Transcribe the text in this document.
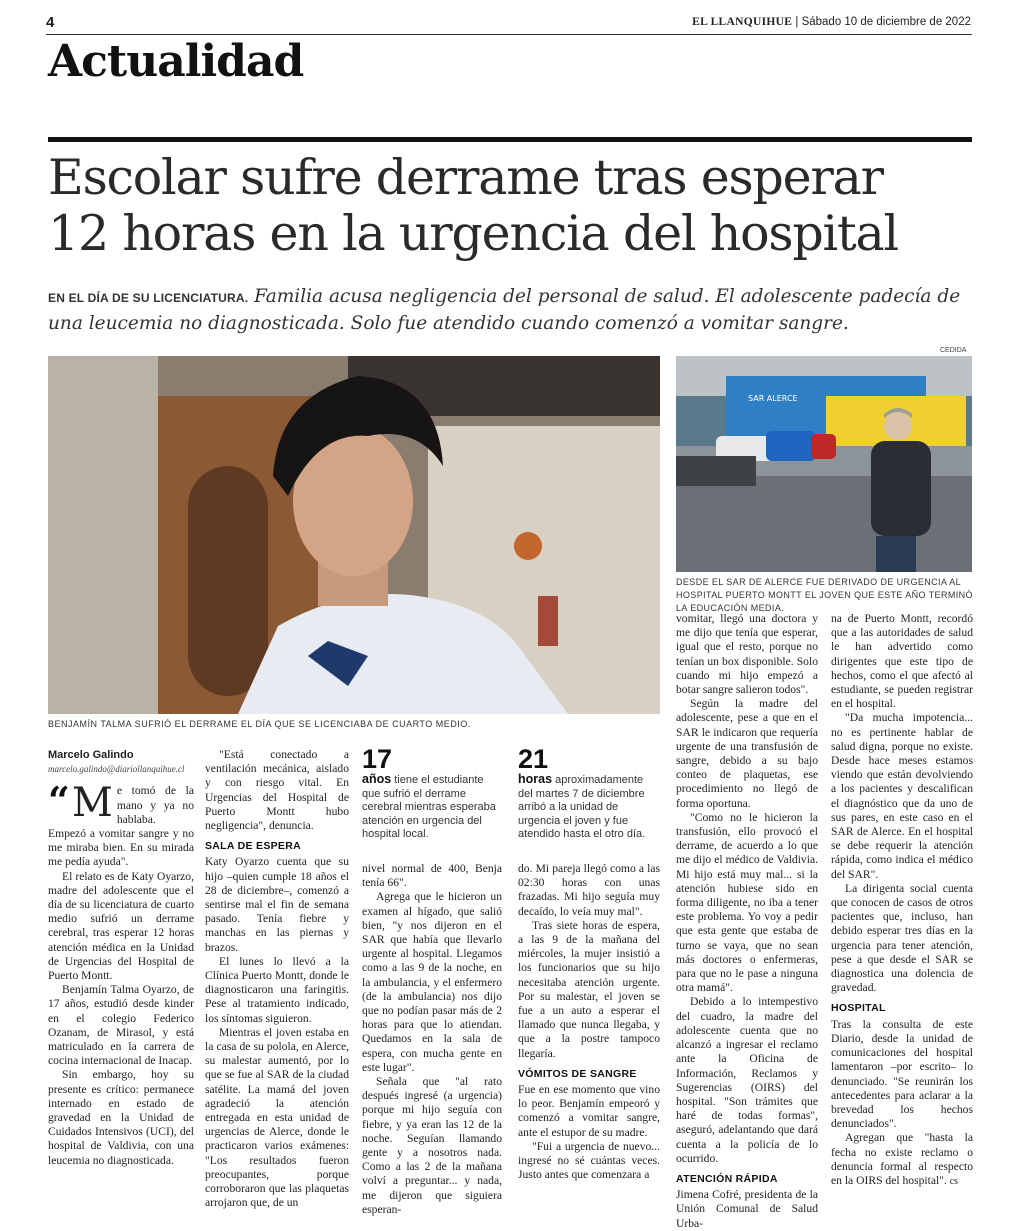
4	EL LLANQUIHUE | Sábado 10 de diciembre de 2022
Actualidad
Escolar sufre derrame tras esperar
12 horas en la urgencia del hospital
EN EL DÍA DE SU LICENCIATURA. Familia acusa negligencia del personal de salud. El adolescente padecía de una leucemia no diagnosticada. Solo fue atendido cuando comenzó a vomitar sangre.
BENJAMÍN TALMA SUFRIÓ EL DERRAME EL DÍA QUE SE LICENCIABA DE CUARTO MEDIO.
CEDIDA
SAR ALERCE
DESDE EL SAR DE ALERCE FUE DERIVADO DE URGENCIA AL HOSPITAL PUERTO MONTT EL JOVEN QUE ESTE AÑO TERMINÓ LA EDUCACIÓN MEDIA.
Marcelo Galindo
marcelo.galindo@diariollanquihue.cl

“ M e tomó de la mano y ya no hablaba. Empezó a vomitar sangre y no me miraba bien. En su mirada me pedía ayuda".

El relato es de Katy Oyarzo, madre del adolescente que el día de su licenciatura de cuarto medio sufrió un derrame cerebral, tras esperar 12 horas atención médica en la Unidad de Urgencias del Hospital de Puerto Montt.

Benjamín Talma Oyarzo, de 17 años, estudió desde kinder en el colegio Federico Ozanam, de Mirasol, y está matriculado en la carrera de cocina internacional de Inacap.

Sin embargo, hoy su presente es crítico: permanece internado en estado de gravedad en la Unidad de Cuidados Intensivos (UCI), del hospital de Valdivia, con una leucemia no diagnosticada.

"Está conectado a ventilación mecánica, aislado y con riesgo vital. En Urgencias del Hospital de Puerto Montt hubo negligencia", denuncia.

SALA DE ESPERA

Katy Oyarzo cuenta que su hijo –quien cumple 18 años el 28 de diciembre–, comenzó a sentirse mal el fin de semana pasado. Tenía fiebre y manchas en las piernas y brazos.

El lunes lo llevó a la Clínica Puerto Montt, donde le diagnosticaron una faringitis. Pese al tratamiento indicado, los síntomas siguieron.

Mientras el joven estaba en la casa de su polola, en Alerce, su malestar aumentó, por lo que se fue al SAR de la ciudad satélite. La mamá del joven agradeció la atención entregada en esta unidad de urgencias de Alerce, donde le practicaron varios exámenes: "Los resultados fueron preocupantes, porque corroboraron que las plaquetas arrojaron que, de un

17
años tiene el estudiante que sufrió el derrame cerebral mientras esperaba atención en urgencia del hospital local.
21
horas aproximadamente del martes 7 de diciembre arribó a la unidad de urgencia el joven y fue atendido hasta el otro día.

nivel normal de 400, Benja tenía 66".

Agrega que le hicieron un examen al hígado, que salió bien, "y nos dijeron en el SAR que había que llevarlo urgente al hospital. Llegamos como a las 9 de la noche, en la ambulancia, y el enfermero (de la ambulancia) nos dijo que no podían pasar más de 2 horas para que lo atiendan. Quedamos en la sala de espera, con mucha gente en este lugar".

Señala que "al rato después ingresé (a urgencia) porque mi hijo seguía con fiebre, y ya eran las 12 de la noche. Seguían llamando gente y a nosotros nada. Como a las 2 de la mañana volví a preguntar... y nada, me dijeron que siguiera esperan-

do. Mi pareja llegó como a las 02:30 horas con unas frazadas. Mi hijo seguía muy decaído, lo veía muy mal".

Tras siete horas de espera, a las 9 de la mañana del miércoles, la mujer insistió a los funcionarios que su hijo necesitaba atención urgente. Por su malestar, el joven se fue a un auto a esperar el llamado que nunca llegaba, y que a la postre tampoco llegaría.

VÓMITOS DE SANGRE

Fue en ese momento que vino lo peor. Benjamín empeoró y comenzó a vomitar sangre, ante el estupor de su madre.

"Fui a urgencia de nuevo... ingresé no sé cuántas veces. Justo antes que comenzara a

vomitar, llegó una doctora y me dijo que tenía que esperar, igual que el resto, porque no tenían un box disponible. Solo cuando mi hijo empezó a botar sangre salieron todos".

Según la madre del adolescente, pese a que en el SAR le indicaron que requería urgente de una transfusión de sangre, debido a su bajo conteo de plaquetas, ese procedimiento no llegó de forma oportuna.

"Como no le hicieron la transfusión, ello provocó el derrame, de acuerdo a lo que me dijo el médico de Valdivia. Mi hijo está muy mal... si la atención hubiese sido en forma diligente, no iba a tener este problema. Yo voy a pedir que esta gente que estaba de turno se vaya, que no sean más doctores o enfermeras, para que no le pase a ninguna otra mamá".

Debido a lo intempestivo del cuadro, la madre del adolescente cuenta que no alcanzó a ingresar el reclamo ante la Oficina de Información, Reclamos y Sugerencias (OIRS) del hospital. "Son trámites que haré de todas formas", aseguró, adelantando que dará cuenta a la policía de lo ocurrido.

ATENCIÓN RÁPIDA

Jimena Cofré, presidenta de la Unión Comunal de Salud Urba-

na de Puerto Montt, recordó que a las autoridades de salud le han advertido como dirigentes que este tipo de hechos, como el que afectó al estudiante, se pueden registrar en el hospital.

"Da mucha impotencia... no es pertinente hablar de salud digna, porque no existe. Desde hace meses estamos viendo que están devolviendo a los pacientes y descalifican el diagnóstico que da uno de sus pares, en este caso en el SAR de Alerce. En el hospital se debe requerir la atención rápida, como indica el médico del SAR".

La dirigenta social cuenta que conocen de casos de otros pacientes que, incluso, han debido esperar tres días en la urgencia para tener atención, pese a que desde el SAR se diagnostica una dolencia de gravedad.

HOSPITAL

Tras la consulta de este Diario, desde la unidad de comunicaciones del hospital lamentaron –por escrito– lo denunciado. "Se reunirán los antecedentes para aclarar a la brevedad los hechos denunciados".

Agregan que "hasta la fecha no existe reclamo o denuncia formal al respecto en la OIRS del hospital". cs
